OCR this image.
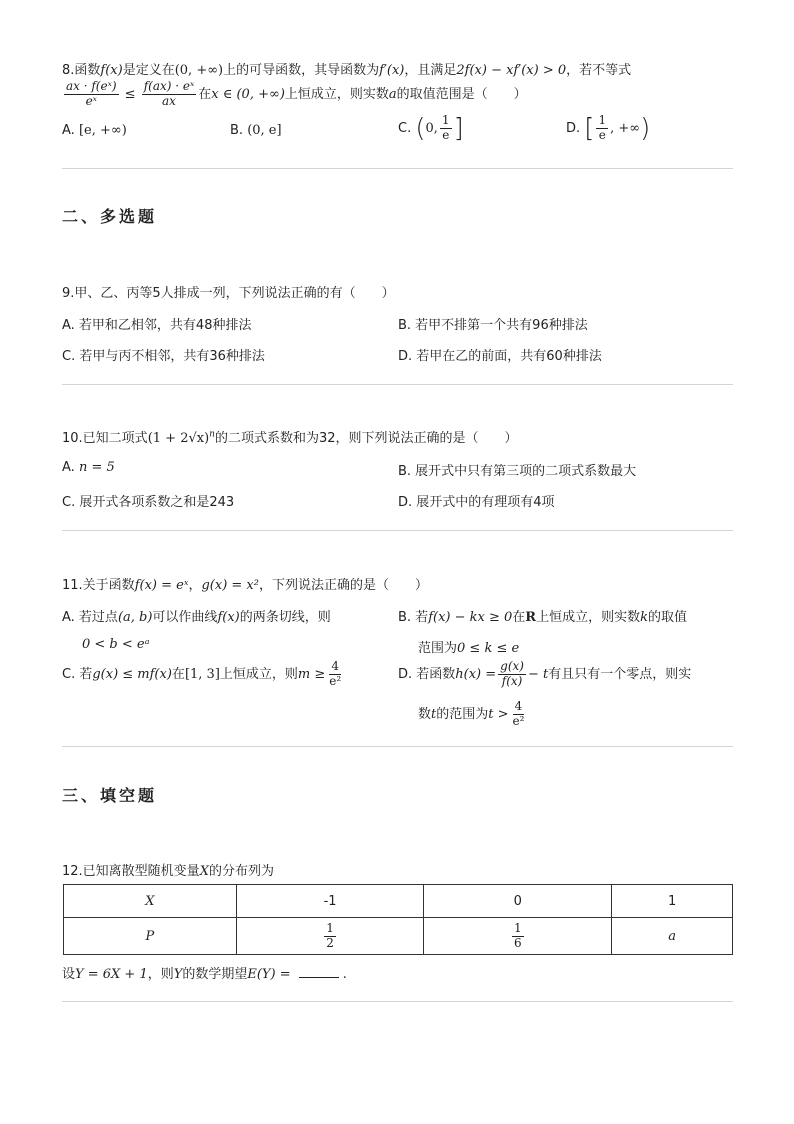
8.函数f(x)是定义在(0, +∞)上的可导函数，其导函数为f′(x)，且满足2f(x) − xf′(x) > 0，若不等式
$\frac{\text{ax · f(eˣ)}}{\text{eˣ}} \le \frac{\text{f(ax) · eˣ}}{ax}$ 在x ∈ (0, +∞)上恒成立，则实数a的取值范围是（　　）
A. [e, +∞)	B. (0, e]	C. (0, $\frac{1}{e}$ ]	D. [ $\frac{1}{e}$ , +∞)
二、多选题
9.甲、乙、丙等5人排成一列，下列说法正确的有（　　）
A. 若甲和乙相邻，共有48种排法	B. 若甲不排第一个共有96种排法
C. 若甲与丙不相邻，共有36种排法	D. 若甲在乙的前面，共有60种排法
10.已知二项式$(1 + 2√x)^n$的二项式系数和为32，则下列说法正确的是（　　）
A. n = 5	B. 展开式中只有第三项的二项式系数最大
C. 展开式各项系数之和是243	D. 展开式中的有理项有4项
11.关于函数f(x) = eˣ，g(x) = x²，下列说法正确的是（　　）
A. 若过点(a, b)可以作曲线f(x)的两条切线，则
0 < b < eᵃ
B. 若f(x) − kx ≥ 0在R上恒成立，则实数k的取值
范围为0 ≤ k ≤ e
C. 若g(x) ≤ mf(x)在[1, 3]上恒成立，则$m \ge \frac{4}{\text{e²}}$	D. 若函数$h(x) = \frac{g(x)}{f(x)} - t$有且只有一个零点，则实
数t的范围为$t > \frac{4}{\text{e²}}$
三、填空题
12.已知离散型随机变量X的分布列为
X	-1	0	1
P	$\frac{1}{2}$	$\frac{1}{6}$	a
设Y = 6X + 1，则Y的数学期望E(Y) =	.
